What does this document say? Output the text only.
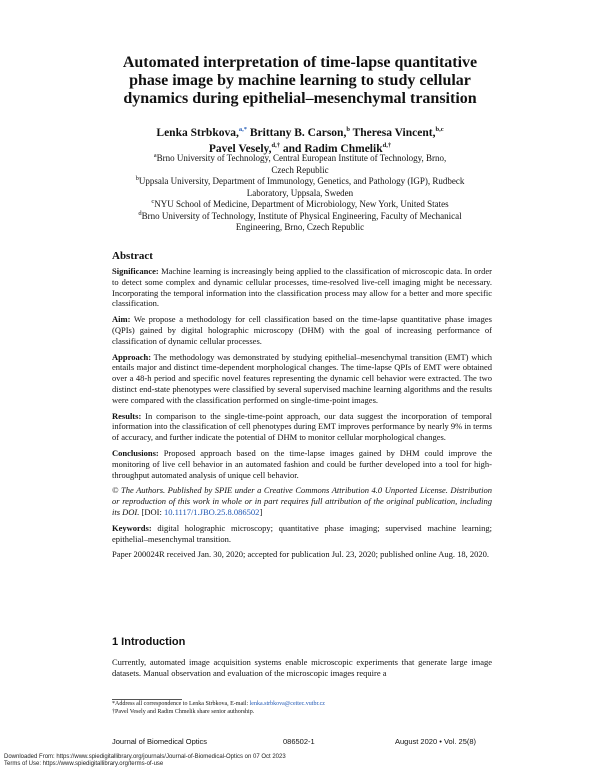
Automated interpretation of time-lapse quantitative
phase image by machine learning to study cellular
dynamics during epithelial–mesenchymal transition
Lenka Strbkova,$^{a,*}$ Brittany B. Carson,$^b$ Theresa Vincent,$^{b,c}$
Pavel Vesely,$^{d,\dagger}$ and Radim Chmelik$^{d,\dagger}$
$^a$Brno University of Technology, Central European Institute of Technology, Brno,
Czech Republic
$^b$Uppsala University, Department of Immunology, Genetics, and Pathology (IGP), Rudbeck
Laboratory, Uppsala, Sweden
$^c$NYU School of Medicine, Department of Microbiology, New York, United States
$^d$Brno University of Technology, Institute of Physical Engineering, Faculty of Mechanical
Engineering, Brno, Czech Republic
Abstract

Significance: Machine learning is increasingly being applied to the classification of microscopic data. In order to detect some complex and dynamic cellular processes, time-resolved live-cell imaging might be necessary. Incorporating the temporal information into the classification process may allow for a better and more specific classification.

Aim: We propose a methodology for cell classification based on the time-lapse quantitative phase images (QPIs) gained by digital holographic microscopy (DHM) with the goal of increasing performance of classification of dynamic cellular processes.

Approach: The methodology was demonstrated by studying epithelial–mesenchymal transition (EMT) which entails major and distinct time-dependent morphological changes. The time-lapse QPIs of EMT were obtained over a 48-h period and specific novel features representing the dynamic cell behavior were extracted. The two distinct end-state phenotypes were classified by several supervised machine learning algorithms and the results were compared with the classification performed on single-time-point images.

Results: In comparison to the single-time-point approach, our data suggest the incorporation of temporal information into the classification of cell phenotypes during EMT improves performance by nearly 9% in terms of accuracy, and further indicate the potential of DHM to monitor cellular morphological changes.

Conclusions: Proposed approach based on the time-lapse images gained by DHM could improve the monitoring of live cell behavior in an automated fashion and could be further developed into a tool for high-throughput automated analysis of unique cell behavior.

© The Authors. Published by SPIE under a Creative Commons Attribution 4.0 Unported License. Distribution or reproduction of this work in whole or in part requires full attribution of the original publication, including its DOI. [DOI: 10.1117/1.JBO.25.8.086502]

Keywords: digital holographic microscopy; quantitative phase imaging; supervised machine learning; epithelial–mesenchymal transition.

Paper 200024R received Jan. 30, 2020; accepted for publication Jul. 23, 2020; published online Aug. 18, 2020.

1 Introduction
Currently, automated image acquisition systems enable microscopic experiments that generate large image datasets. Manual observation and evaluation of the microscopic images require a
*Address all correspondence to Lenka Strbkova, E-mail: lenka.strbkova@ceitec.vutbr.cz
†Pavel Vesely and Radim Chmelik share senior authorship.
Journal of Biomedical Optics	086502-1	August 2020 • Vol. 25(8)
Downloaded From: https://www.spiedigitallibrary.org/journals/Journal-of-Biomedical-Optics on 07 Oct 2023
Terms of Use: https://www.spiedigitallibrary.org/terms-of-use
